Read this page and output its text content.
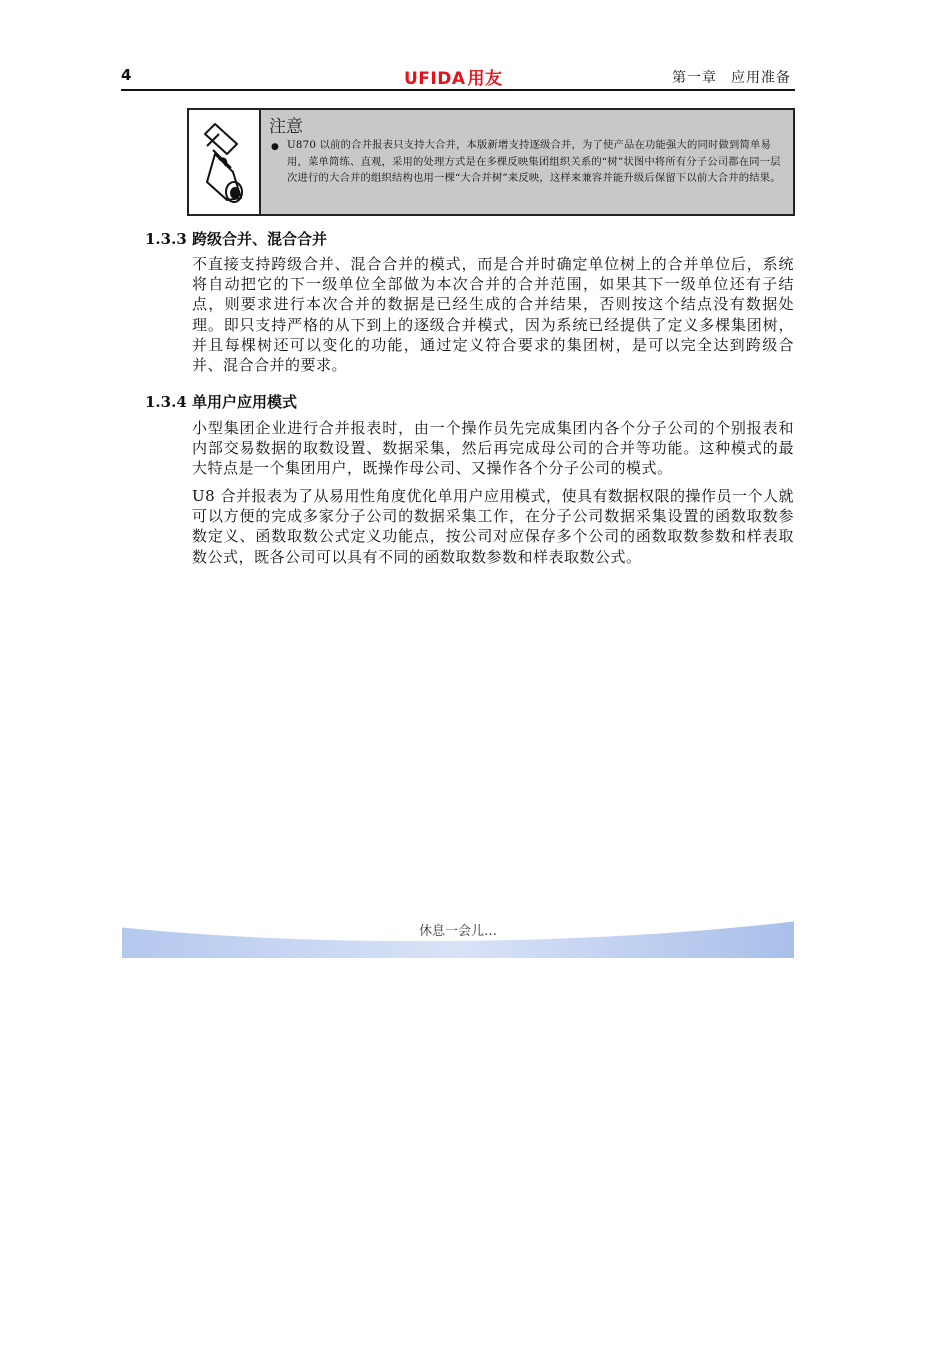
4	UFIDA 用友	第一章 应用准备
注意
● U870 以前的合并报表只支持大合并，本版新增支持逐级合并，为了使产品在功能强大的同时做到简单易用，菜单简练、直观，采用的处理方式是在多棵反映集团组织关系的“树”状图中将所有分子公司都在同一层次进行的大合并的组织结构也用一棵“大合并树”来反映，这样来兼容并能升级后保留下以前大合并的结果。
1.3.3 跨级合并、混合合并
不直接支持跨级合并、混合合并的模式，而是合并时确定单位树上的合并单位后，系统将自动把它的下一级单位全部做为本次合并的合并范围，如果其下一级单位还有子结点，则要求进行本次合并的数据是已经生成的合并结果，否则按这个结点没有数据处理。即只支持严格的从下到上的逐级合并模式，因为系统已经提供了定义多棵集团树，并且每棵树还可以变化的功能，通过定义符合要求的集团树，是可以完全达到跨级合并、混合合并的要求。
1.3.4 单用户应用模式
小型集团企业进行合并报表时，由一个操作员先完成集团内各个分子公司的个别报表和内部交易数据的取数设置、数据采集，然后再完成母公司的合并等功能。这种模式的最大特点是一个集团用户，既操作母公司、又操作各个分子公司的模式。
U8 合并报表为了从易用性角度优化单用户应用模式，使具有数据权限的操作员一个人就可以方便的完成多家分子公司的数据采集工作，在分子公司数据采集设置的函数取数参数定义、函数取数公式定义功能点，按公司对应保存多个公司的函数取数参数和样表取数公式，既各公司可以具有不同的函数取数参数和样表取数公式。
休息一会儿…
